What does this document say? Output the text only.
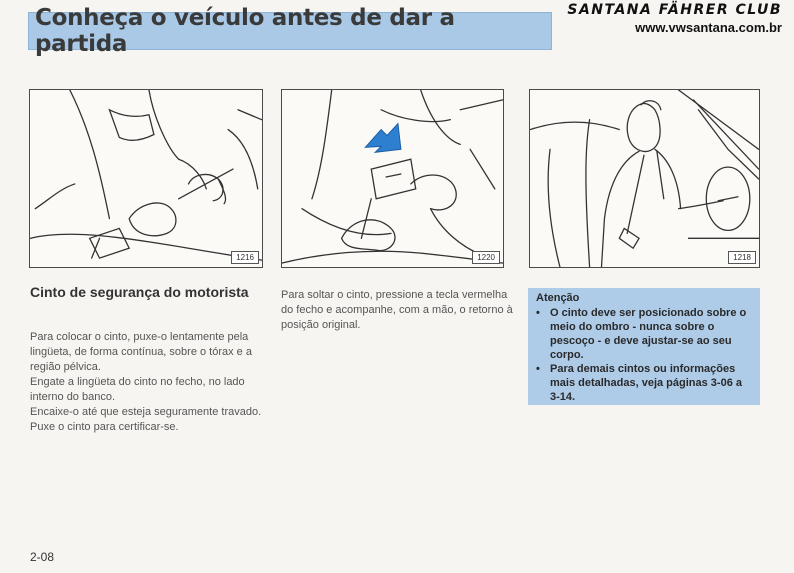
Conheça o veículo antes de dar a partida
SANTANA FÄHRER CLUB
www.vwsantana.com.br
1216	1220	1218
Cinto de segurança do motorista

Para colocar o cinto, puxe-o lentamente pela lingüeta, de forma contínua, sobre o tórax e a região pélvica.

Engate a lingüeta do cinto no fecho, no lado interno do banco.

Encaixe-o até que esteja seguramente travado. Puxe o cinto para certificar-se.

Para soltar o cinto, pressione a tecla vermelha do fecho e acompanhe, com a mão, o retorno à posição original.

Atenção
• O cinto deve ser posicionado sobre o meio do ombro - nunca sobre o pescoço - e deve ajustar-se ao seu corpo.
• Para demais cintos ou informações mais detalhadas, veja páginas 3-06 a 3-14.
2-08
